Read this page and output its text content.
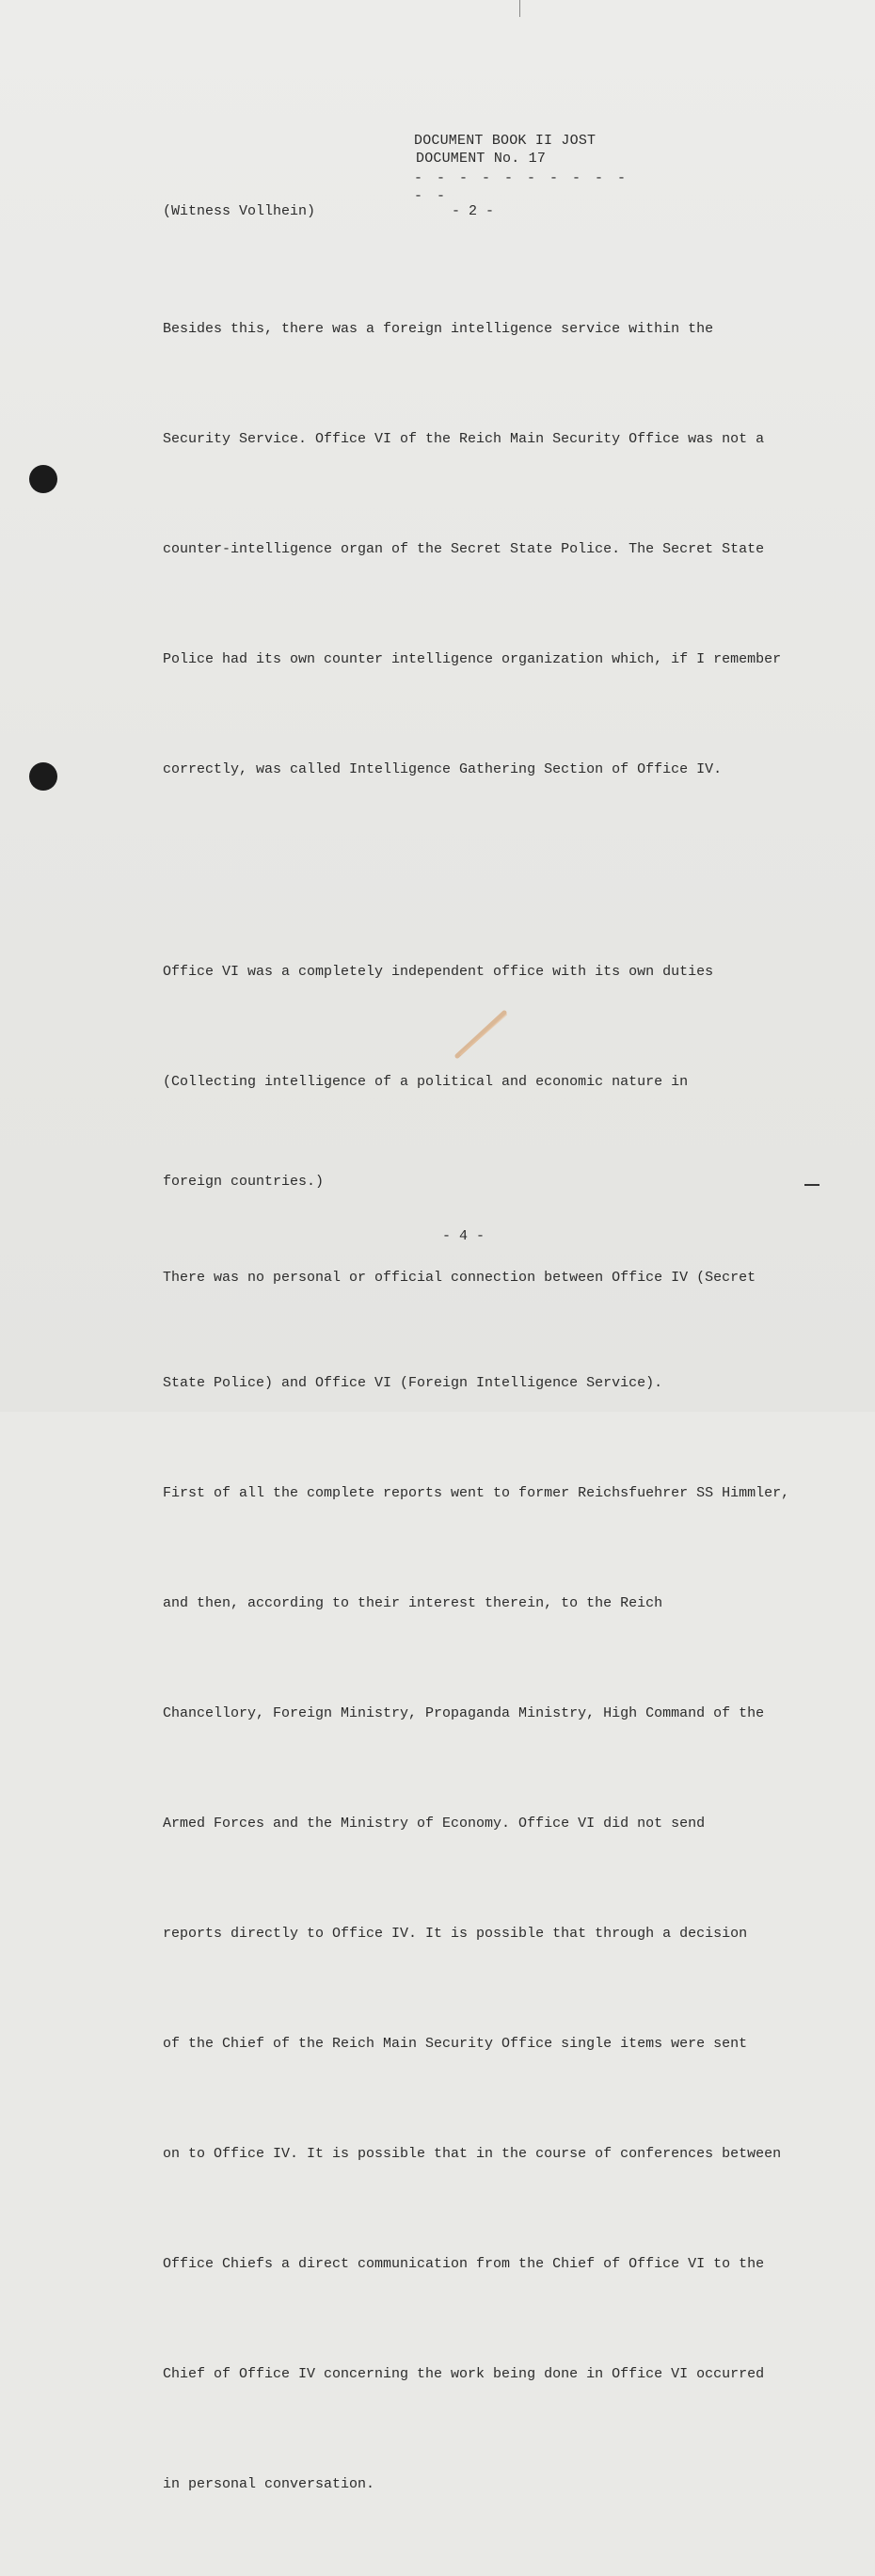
DOCUMENT BOOK II JOST
DOCUMENT No. 17
- - - - - - - - - - - -
(Witness Vollhein)	- 2 -

Besides this, there was a foreign intelligence service within the

Security Service. Office VI of the Reich Main Security Office was not a

counter-intelligence organ of the Secret State Police. The Secret State

Police had its own counter intelligence organization which, if I remember

correctly, was called Intelligence Gathering Section of Office IV.

Office VI was a completely independent office with its own duties

(Collecting intelligence of a political and economic nature in

foreign countries.)

There was no personal or official connection between Office IV (Secret

State Police) and Office VI (Foreign Intelligence Service).

First of all the complete reports went to former Reichsfuehrer SS Himmler,

and then, according to their interest therein, to the Reich

Chancellory, Foreign Ministry, Propaganda Ministry, High Command of the

Armed Forces and the Ministry of Economy. Office VI did not send

reports directly to Office IV. It is possible that through a decision

of the Chief of the Reich Main Security Office single items were sent

on to Office IV. It is possible that in the course of conferences between

Office Chiefs a direct communication from the Chief of Office VI to the

Chief of Office IV concerning the work being done in Office VI occurred

in personal conversation.

- 4 -
